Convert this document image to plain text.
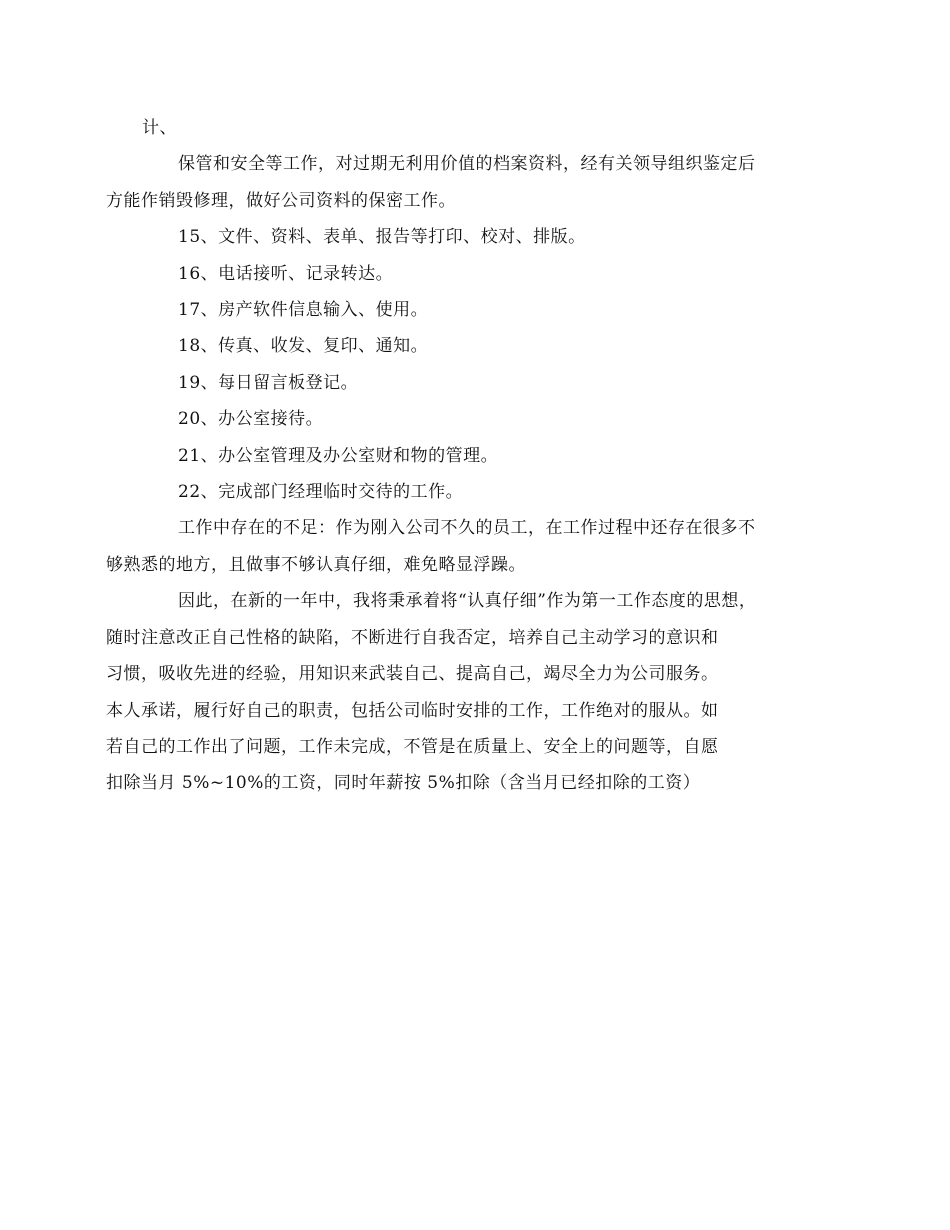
计、

保管和安全等工作，对过期无利用价值的档案资料，经有关领导组织鉴定后
方能作销毁修理，做好公司资料的保密工作。

15、文件、资料、表单、报告等打印、校对、排版。

16、电话接听、记录转达。

17、房产软件信息输入、使用。

18、传真、收发、复印、通知。

19、每日留言板登记。

20、办公室接待。

21、办公室管理及办公室财和物的管理。

22、完成部门经理临时交待的工作。

工作中存在的不足：作为刚入公司不久的员工，在工作过程中还存在很多不
够熟悉的地方，且做事不够认真仔细，难免略显浮躁。

因此，在新的一年中，我将秉承着将“认真仔细”作为第一工作态度的思想，
随时注意改正自己性格的缺陷，不断进行自我否定，培养自己主动学习的意识和
习惯，吸收先进的经验，用知识来武装自己、提高自己，竭尽全力为公司服务。
本人承诺，履行好自己的职责，包括公司临时安排的工作，工作绝对的服从。如
若自己的工作出了问题，工作未完成，不管是在质量上、安全上的问题等，自愿
扣除当月 5%~10%的工资，同时年薪按 5%扣除（含当月已经扣除的工资）
